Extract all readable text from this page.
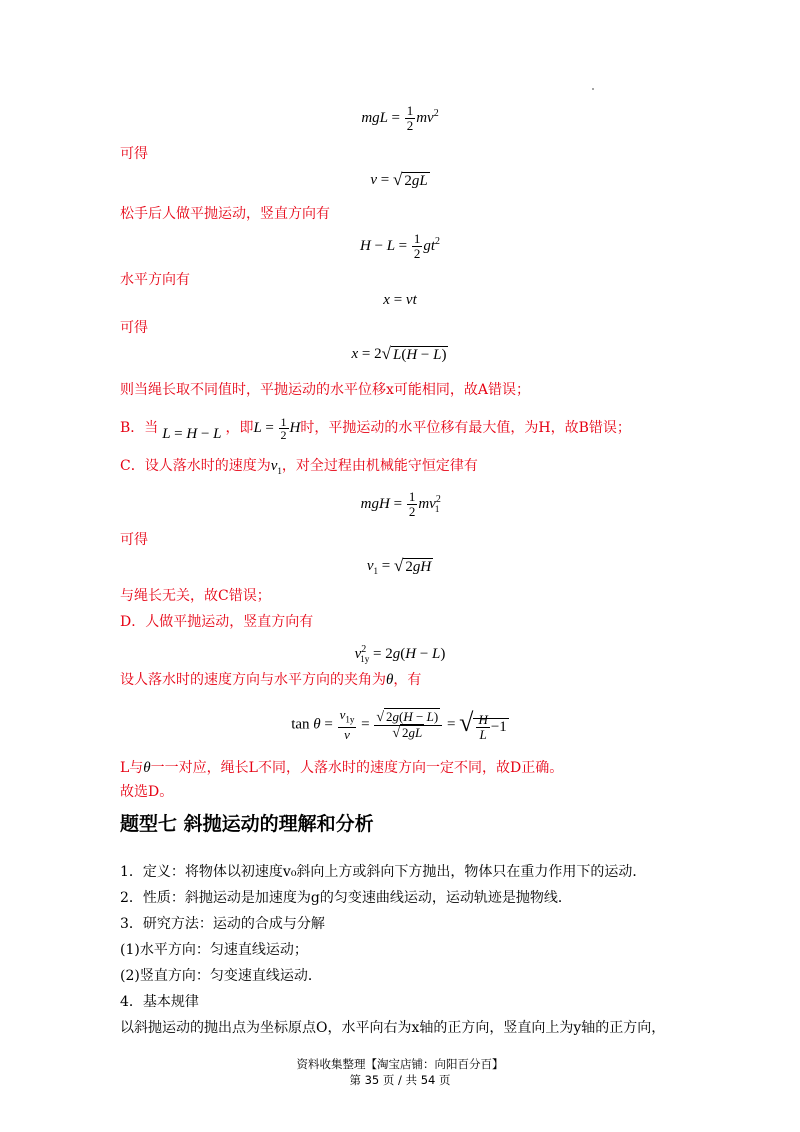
mgL = $\frac{1}{2} mv^2$
可得
v = √ 2gL
松手后人做平抛运动，竖直方向有
$H - L = \frac{1}{2} gt^2$
水平方向有
x = vt
可得
x = 2√ L(H − L)
则当绳长取不同值时，平抛运动的水平位移x可能相同，故A错误；
B．当 L = H − L ，即$L = \frac{1}{2}$ H时，平抛运动的水平位移有最大值，为H，故B错误；
C．设人落水时的速度为$v_1$，对全过程由机械能守恒定律有
mgH = $\frac{1}{2} mv^2_1$
可得
$v_1$ = √ 2gH
与绳长无关，故C错误；
D．人做平抛运动，竖直方向有
$v^2_{1y} = 2g(H - L)$
设人落水时的速度方向与水平方向的夹角为θ，有
$\tan \theta = \frac{v_{1y}}{v} = \frac{√ 2g(H - L)}{√ 2gL}$ = √ $\frac{H}{L} -1$
L与θ一一对应，绳长L不同，人落水时的速度方向一定不同，故D正确。
故选D。
题型七 斜抛运动的理解和分析
1．定义：将物体以初速度v₀斜向上方或斜向下方抛出，物体只在重力作用下的运动．
2．性质：斜抛运动是加速度为g的匀变速曲线运动，运动轨迹是抛物线．
3．研究方法：运动的合成与分解
(1)水平方向：匀速直线运动；
(2)竖直方向：匀变速直线运动．
4．基本规律
以斜抛运动的抛出点为坐标原点O，水平向右为x轴的正方向，竖直向上为y轴的正方向，
资料收集整理【淘宝店铺：向阳百分百】
第 35 页 / 共 54 页
